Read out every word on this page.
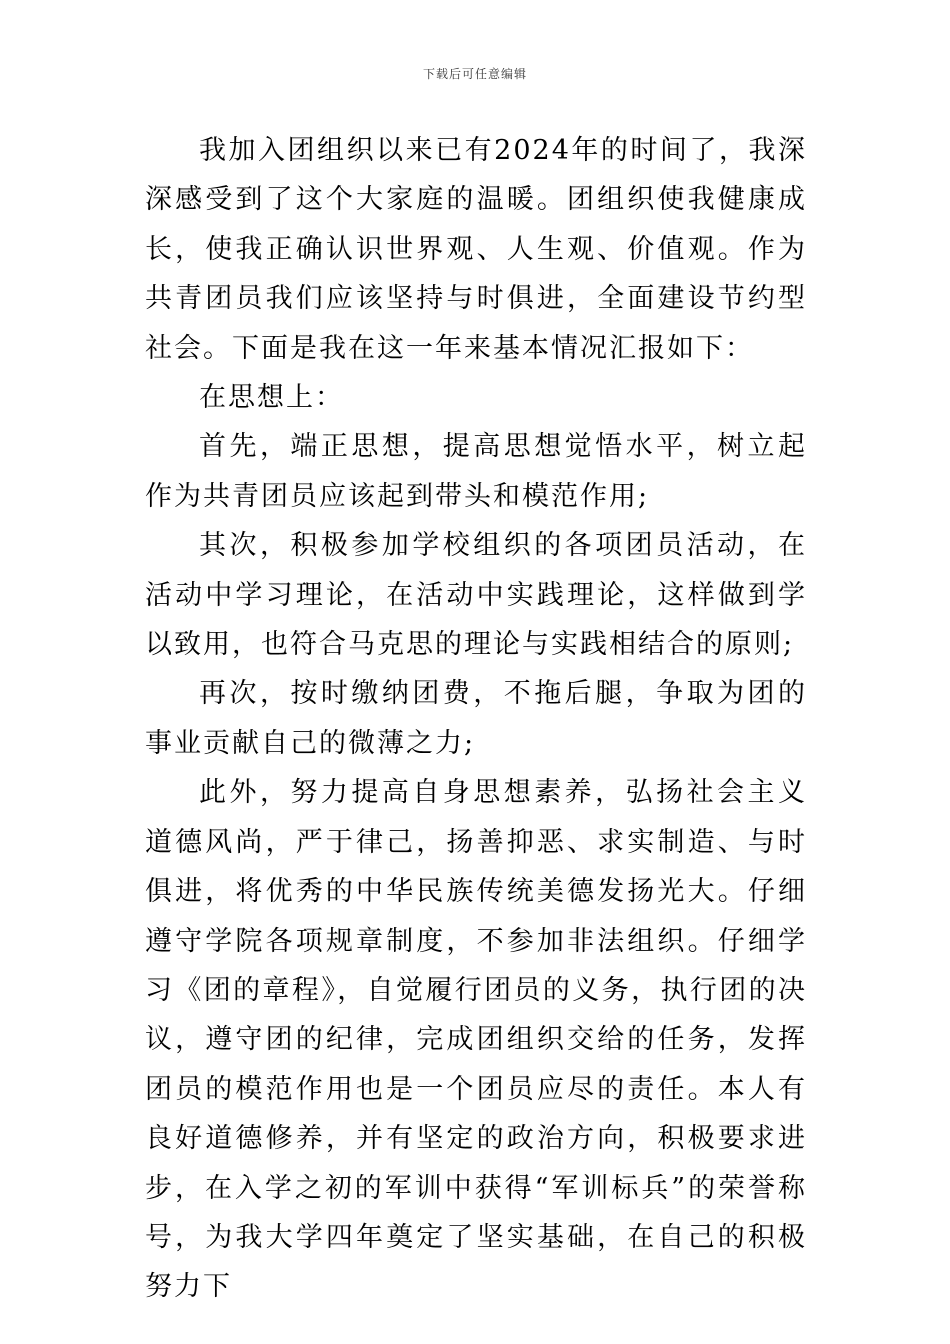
下载后可任意编辑

我加入团组织以来已有2024年的时间了，我深深感受到了这个大家庭的温暖。团组织使我健康成长，使我正确认识世界观、人生观、价值观。作为共青团员我们应该坚持与时俱进，全面建设节约型社会。下面是我在这一年来基本情况汇报如下：

在思想上：

首先，端正思想，提高思想觉悟水平，树立起作为共青团员应该起到带头和模范作用;

其次，积极参加学校组织的各项团员活动，在活动中学习理论，在活动中实践理论，这样做到学以致用，也符合马克思的理论与实践相结合的原则;

再次，按时缴纳团费，不拖后腿，争取为团的事业贡献自己的微薄之力;

此外，努力提高自身思想素养，弘扬社会主义道德风尚，严于律己，扬善抑恶、求实制造、与时俱进，将优秀的中华民族传统美德发扬光大。仔细遵守学院各项规章制度，不参加非法组织。仔细学习《团的章程》，自觉履行团员的义务，执行团的决议，遵守团的纪律，完成团组织交给的任务，发挥团员的模范作用也是一个团员应尽的责任。本人有良好道德修养，并有坚定的政治方向，积极要求进步，在入学之初的军训中获得“军训标兵”的荣誉称号，为我大学四年奠定了坚实基础，在自己的积极努力下
